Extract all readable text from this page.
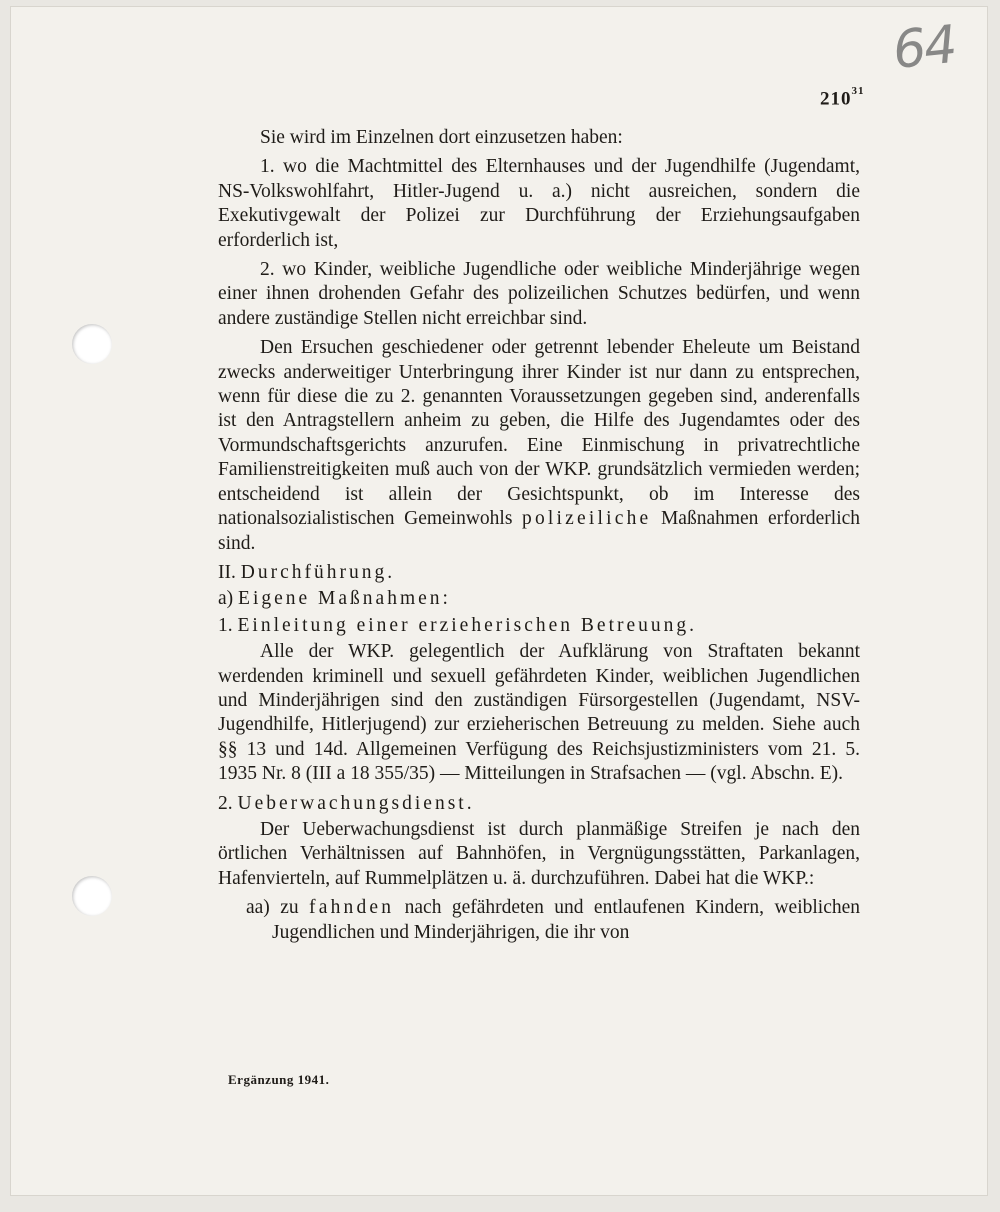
64
$210^{31}$

Sie wird im Einzelnen dort einzusetzen haben:

1. wo die Machtmittel des Elternhauses und der Jugendhilfe (Jugendamt, NS-Volkswohlfahrt, Hitler-Jugend u. a.) nicht ausreichen, sondern die Exekutivgewalt der Polizei zur Durchführung der Erziehungsaufgaben erforderlich ist,

2. wo Kinder, weibliche Jugendliche oder weibliche Minderjährige wegen einer ihnen drohenden Gefahr des polizeilichen Schutzes bedürfen, und wenn andere zuständige Stellen nicht erreichbar sind.

Den Ersuchen geschiedener oder getrennt lebender Eheleute um Beistand zwecks anderweitiger Unterbringung ihrer Kinder ist nur dann zu entsprechen, wenn für diese die zu 2. genannten Voraussetzungen gegeben sind, anderenfalls ist den Antragstellern anheim zu geben, die Hilfe des Jugendamtes oder des Vormundschaftsgerichts anzurufen. Eine Einmischung in privatrechtliche Familienstreitigkeiten muß auch von der WKP. grundsätzlich vermieden werden; entscheidend ist allein der Gesichtspunkt, ob im Interesse des nationalsozialistischen Gemeinwohls polizeiliche Maßnahmen erforderlich sind.

II. Durchführung.

a) Eigene Maßnahmen:

1. Einleitung einer erzieherischen Betreuung.

Alle der WKP. gelegentlich der Aufklärung von Straftaten bekannt werdenden kriminell und sexuell gefährdeten Kinder, weiblichen Jugendlichen und Minderjährigen sind den zuständigen Fürsorgestellen (Jugendamt, NSV-Jugendhilfe, Hitlerjugend) zur erzieherischen Betreuung zu melden. Siehe auch §§ 13 und 14d. Allgemeinen Verfügung des Reichsjustizministers vom 21. 5. 1935 Nr. 8 (III a 18 355/35) — Mitteilungen in Strafsachen — (vgl. Abschn. E).

2. Ueberwachungsdienst.

Der Ueberwachungsdienst ist durch planmäßige Streifen je nach den örtlichen Verhältnissen auf Bahnhöfen, in Vergnügungsstätten, Parkanlagen, Hafenvierteln, auf Rummelplätzen u. ä. durchzuführen. Dabei hat die WKP.:

aa) zu fahnden nach gefährdeten und entlaufenen Kindern, weiblichen Jugendlichen und Minderjährigen, die ihr von

Ergänzung 1941.
